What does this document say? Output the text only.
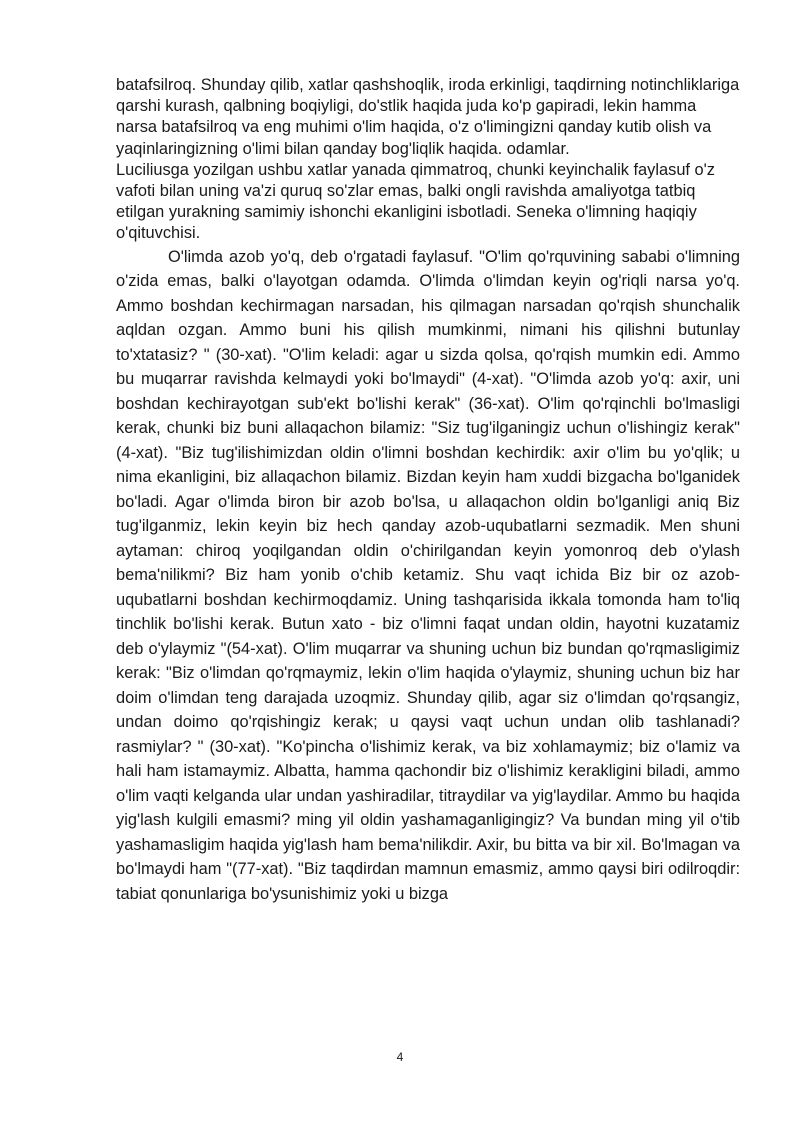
batafsilroq. Shunday qilib, xatlar qashshoqlik, iroda erkinligi, taqdirning notinchliklariga qarshi kurash, qalbning boqiyligi, do'stlik haqida juda ko'p gapiradi, lekin hamma narsa batafsilroq va eng muhimi o'lim haqida, o'z o'limingizni qanday kutib olish va yaqinlaringizning o'limi bilan qanday bog'liqlik haqida. odamlar.

Luciliusga yozilgan ushbu xatlar yanada qimmatroq, chunki keyinchalik faylasuf o'z vafoti bilan uning va'zi quruq so'zlar emas, balki ongli ravishda amaliyotga tatbiq etilgan yurakning samimiy ishonchi ekanligini isbotladi. Seneka o'limning haqiqiy o'qituvchisi.

O'limda azob yo'q, deb o'rgatadi faylasuf. "O'lim qo'rquvining sababi o'limning o'zida emas, balki o'layotgan odamda. O'limda o'limdan keyin og'riqli narsa yo'q. Ammo boshdan kechirmagan narsadan, his qilmagan narsadan qo'rqish shunchalik aqldan ozgan. Ammo buni his qilish mumkinmi, nimani his qilishni butunlay to'xtatasiz? " (30-xat). "O'lim keladi: agar u sizda qolsa, qo'rqish mumkin edi. Ammo bu muqarrar ravishda kelmaydi yoki bo'lmaydi" (4-xat). "O'limda azob yo'q: axir, uni boshdan kechirayotgan sub'ekt bo'lishi kerak" (36-xat). O'lim qo'rqinchli bo'lmasligi kerak, chunki biz buni allaqachon bilamiz: "Siz tug'ilganingiz uchun o'lishingiz kerak" (4-xat). "Biz tug'ilishimizdan oldin o'limni boshdan kechirdik: axir o'lim bu yo'qlik; u nima ekanligini, biz allaqachon bilamiz. Bizdan keyin ham xuddi bizgacha bo'lganidek bo'ladi. Agar o'limda biron bir azob bo'lsa, u allaqachon oldin bo'lganligi aniq Biz tug'ilganmiz, lekin keyin biz hech qanday azob-uqubatlarni sezmadik. Men shuni aytaman: chiroq yoqilgandan oldin o'chirilgandan keyin yomonroq deb o'ylash bema'nilikmi? Biz ham yonib o'chib ketamiz. Shu vaqt ichida Biz bir oz azob-uqubatlarni boshdan kechirmoqdamiz. Uning tashqarisida ikkala tomonda ham to'liq tinchlik bo'lishi kerak. Butun xato - biz o'limni faqat undan oldin, hayotni kuzatamiz deb o'ylaymiz "(54-xat). O'lim muqarrar va shuning uchun biz bundan qo'rqmasligimiz kerak: "Biz o'limdan qo'rqmaymiz, lekin o'lim haqida o'ylaymiz, shuning uchun biz har doim o'limdan teng darajada uzoqmiz. Shunday qilib, agar siz o'limdan qo'rqsangiz, undan doimo qo'rqishingiz kerak; u qaysi vaqt uchun undan olib tashlanadi? rasmiylar? " (30-xat). "Ko'pincha o'lishimiz kerak, va biz xohlamaymiz; biz o'lamiz va hali ham istamaymiz. Albatta, hamma qachondir biz o'lishimiz kerakligini biladi, ammo o'lim vaqti kelganda ular undan yashiradilar, titraydilar va yig'laydilar. Ammo bu haqida yig'lash kulgili emasmi? ming yil oldin yashamaganligingiz? Va bundan ming yil o'tib yashamasligim haqida yig'lash ham bema'nilikdir. Axir, bu bitta va bir xil. Bo'lmagan va bo'lmaydi ham "(77-xat). "Biz taqdirdan mamnun emasmiz, ammo qaysi biri odilroqdir: tabiat qonunlariga bo'ysunishimiz yoki u bizga

4
